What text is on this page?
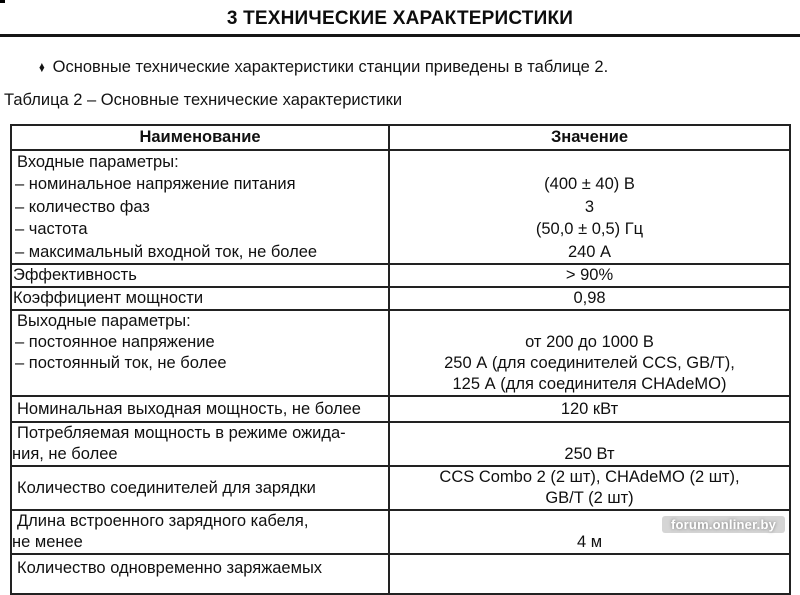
3 ТЕХНИЧЕСКИЕ ХАРАКТЕРИСТИКИ
♦ Основные технические характеристики станции приведены в таблице 2.
Таблица 2 – Основные технические характеристики
Наименование	Значение

Входные параметры:
– номинальное напряжение питания
– количество фаз
– частота
– максимальный входной ток, не более

(400 ± 40) В
3
(50,0 ± 0,5) Гц
240 А

Эффективность	> 90%

Коэффициент мощности	0,98

Выходные параметры:
– постоянное напряжение
– постоянный ток, не более

от 200 до 1000 В
250 А (для соединителей CCS, GB/T),
125 А (для соединителя CHAdeMO)

Номинальная выходная мощность, не более	120 кВт

Потребляемая мощность в режиме ожида-
ния, не более	250 Вт

Количество соединителей для зарядки	CCS Combo 2 (2 шт), CHAdeMO (2 шт),
GB/T (2 шт)

Длина встроенного зарядного кабеля,
не менее	4 м

Количество одновременно заряжаемых	

forum.onliner.by
